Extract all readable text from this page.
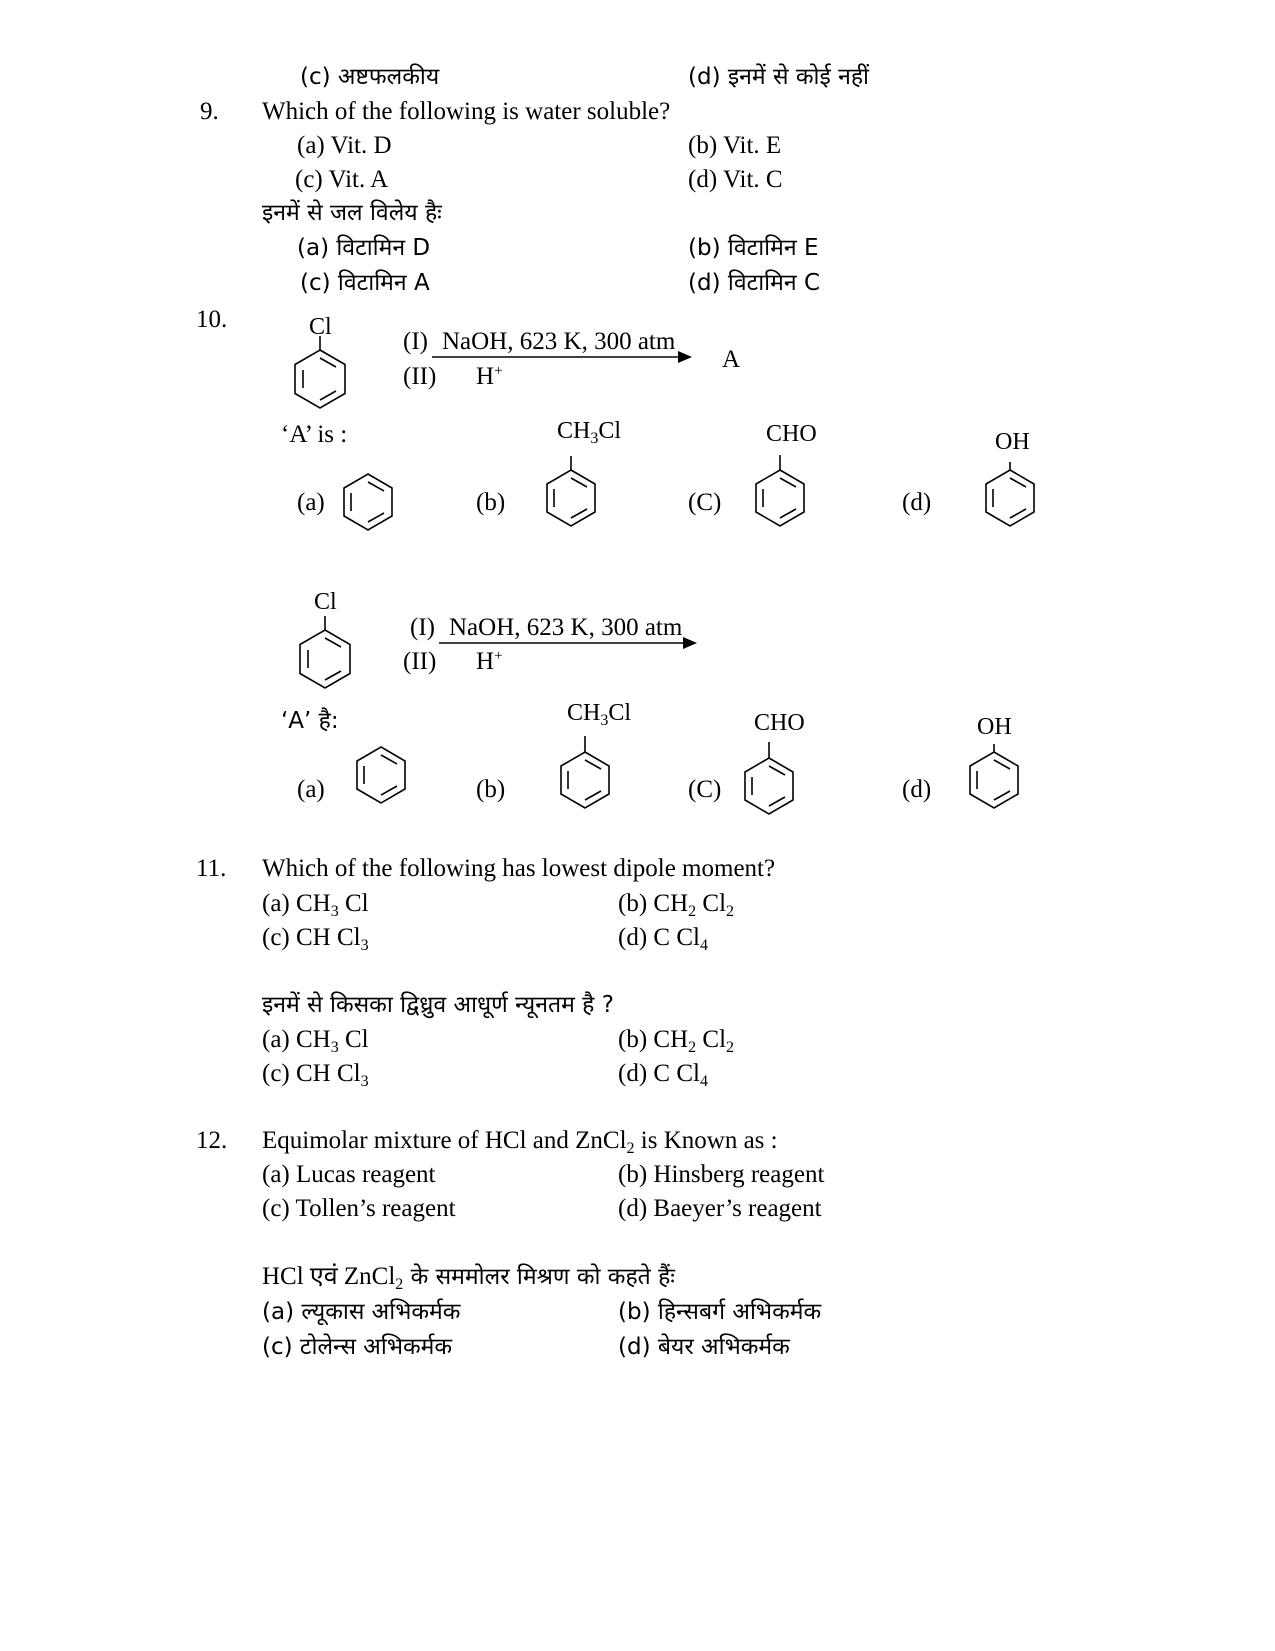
(c) अष्टफलकीय	(d) इनमें से कोई नहीं
9. Which of the following is water soluble?
(a) Vit. D	(b) Vit. E
(c) Vit. A	(d) Vit. C
इनमें से जल विलेय हैः
(a) विटामिन D	(b) विटामिन E
(c) विटामिन A	(d) विटामिन C
10.	Cl
(I) NaOH, 623 K, 300 atm
(II) H+	A
‘A’ is :
(a)	(b)
$CH_3Cl$
(C)
CHO
(d)
OH
Cl
(I) NaOH, 623 K, 300 atm
(II) H+
‘A’ है:
(a)	(b)
$CH_3Cl$
(C)
CHO
(d)
OH
11. Which of the following has lowest dipole moment?
(a) $CH_3$ Cl	(b) $CH_2$ $Cl_2$
(c) CH $Cl_3$	(d) C $Cl_4$
इनमें से किसका द्विध्रुव आधूर्ण न्यूनतम है ?
(a) $CH_3$ Cl	(b) $CH_2$ $Cl_2$
(c) CH $Cl_3$	(d) C $Cl_4$
12. Equimolar mixture of HCl and ZnCl$_2$ is Known as :
(a) Lucas reagent	(b) Hinsberg reagent
(c) Tollen’s reagent	(d) Baeyer’s reagent
HCl एवं ZnCl$_2$ के सममोलर मिश्रण को कहते हैंः
(a) ल्यूकास अभिकर्मक	(b) हिन्सबर्ग अभिकर्मक
(c) टोलेन्स अभिकर्मक	(d) बेयर अभिकर्मक
